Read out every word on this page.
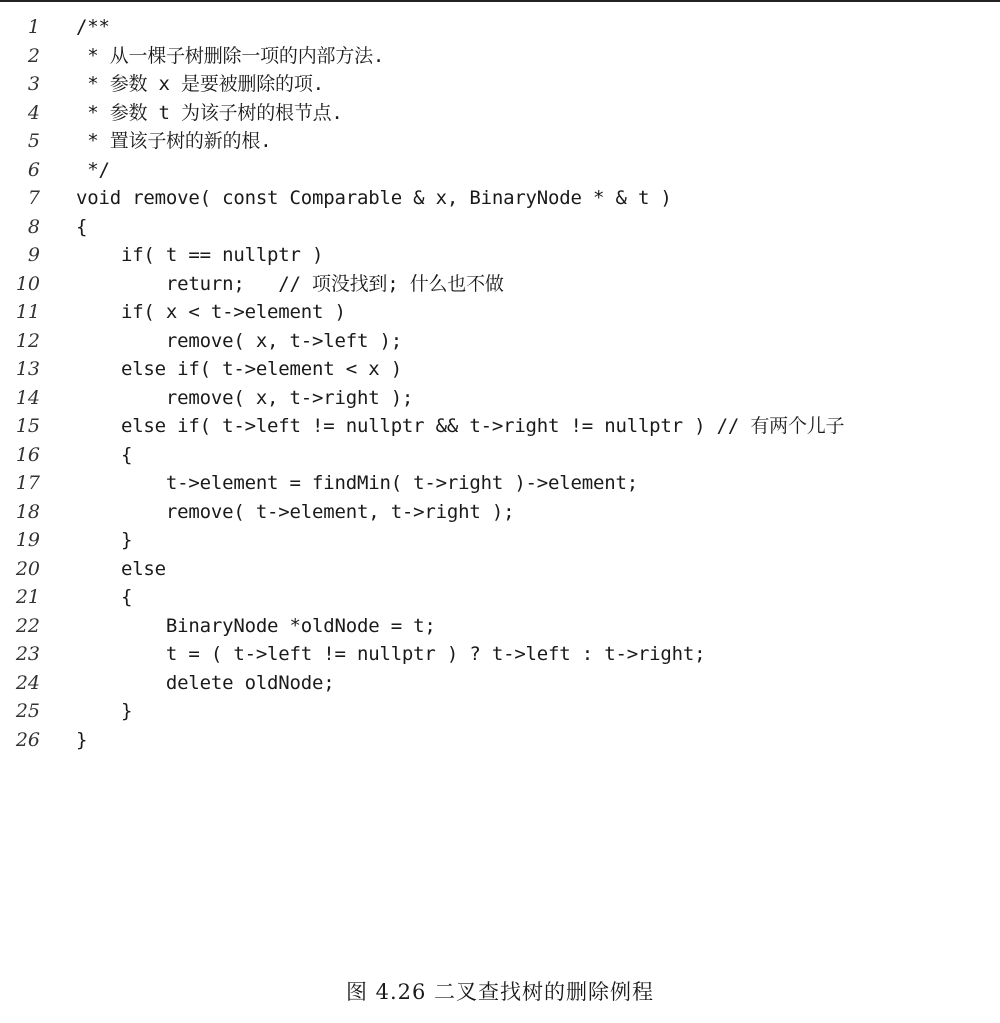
1 /**
2 * 从一棵子树删除一项的内部方法.
3 * 参数 x 是要被删除的项.
4 * 参数 t 为该子树的根节点.
5 * 置该子树的新的根.
6 */
7 void remove( const Comparable & x, BinaryNode * & t )
8 {
9 if( t == nullptr )
10 return;   // 项没找到; 什么也不做
11 if( x < t->element )
12 remove( x, t->left );
13 else if( t->element < x )
14 remove( x, t->right );
15 else if( t->left != nullptr && t->right != nullptr ) // 有两个儿子
16 {
17 t->element = findMin( t->right )->element;
18 remove( t->element, t->right );
19 }
20 else
21 {
22 BinaryNode *oldNode = t;
23 t = ( t->left != nullptr ) ? t->left : t->right;
24 delete oldNode;
25 }
26 }
图 4.26 二叉查找树的删除例程
